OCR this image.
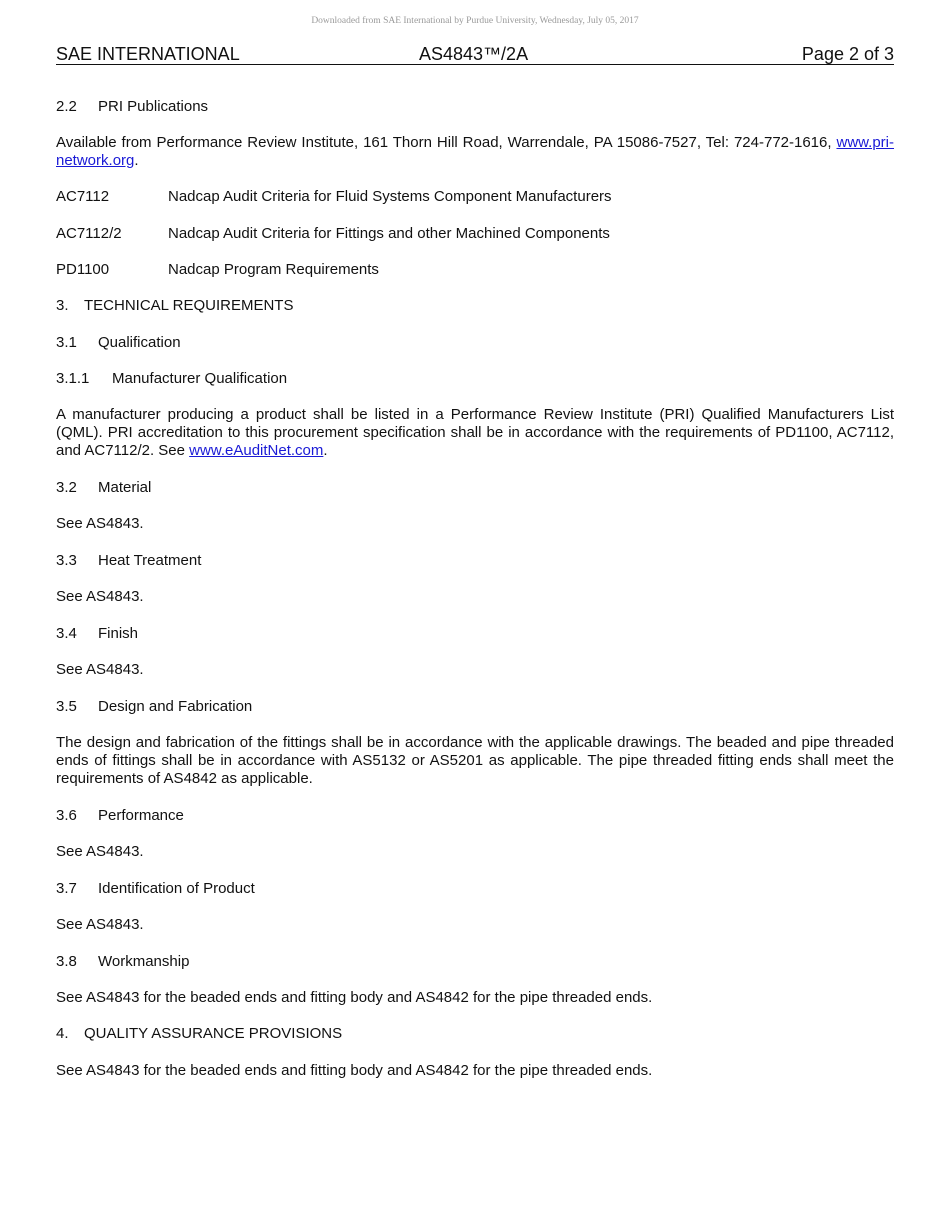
Downloaded from SAE International by Purdue University, Wednesday, July 05, 2017
SAE INTERNATIONAL	AS4843™/2A	Page 2 of 3

2.2 PRI Publications

Available from Performance Review Institute, 161 Thorn Hill Road, Warrendale, PA 15086-7527, Tel: 724-772-1616, www.pri-network.org.

AC7112	Nadcap Audit Criteria for Fluid Systems Component Manufacturers

AC7112/2	Nadcap Audit Criteria for Fittings and other Machined Components

PD1100	Nadcap Program Requirements

3. TECHNICAL REQUIREMENTS

3.1 Qualification

3.1.1 Manufacturer Qualification

A manufacturer producing a product shall be listed in a Performance Review Institute (PRI) Qualified Manufacturers List (QML). PRI accreditation to this procurement specification shall be in accordance with the requirements of PD1100, AC7112, and AC7112/2. See www.eAuditNet.com.

3.2 Material

See AS4843.

3.3 Heat Treatment

See AS4843.

3.4 Finish

See AS4843.

3.5 Design and Fabrication

The design and fabrication of the fittings shall be in accordance with the applicable drawings. The beaded and pipe threaded ends of fittings shall be in accordance with AS5132 or AS5201 as applicable. The pipe threaded fitting ends shall meet the requirements of AS4842 as applicable.

3.6 Performance

See AS4843.

3.7 Identification of Product

See AS4843.

3.8 Workmanship

See AS4843 for the beaded ends and fitting body and AS4842 for the pipe threaded ends.

4. QUALITY ASSURANCE PROVISIONS

See AS4843 for the beaded ends and fitting body and AS4842 for the pipe threaded ends.
